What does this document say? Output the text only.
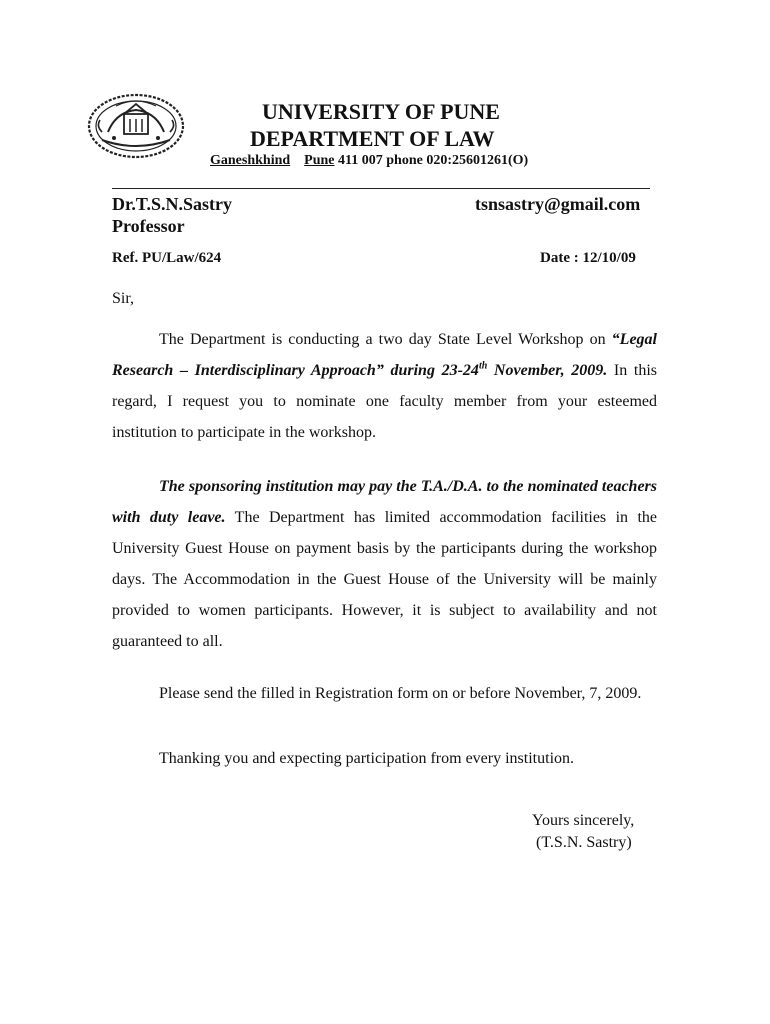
UNIVERSITY OF PUNE
DEPARTMENT OF LAW
Ganeshkhind Pune 411 007 phone 020:25601261(O)
Dr.T.S.N.Sastry	tsnsastry@gmail.com
Professor
Ref. PU/Law/624	Date : 12/10/09
Sir,

The Department is conducting a two day State Level Workshop on “Legal Research – Interdisciplinary Approach” during 23-24th November, 2009. In this regard, I request you to nominate one faculty member from your esteemed institution to participate in the workshop.

The sponsoring institution may pay the T.A./D.A. to the nominated teachers with duty leave. The Department has limited accommodation facilities in the University Guest House on payment basis by the participants during the workshop days. The Accommodation in the Guest House of the University will be mainly provided to women participants. However, it is subject to availability and not guaranteed to all.

Please send the filled in Registration form on or before November, 7, 2009.

Thanking you and expecting participation from every institution.

Yours sincerely,
(T.S.N. Sastry)
